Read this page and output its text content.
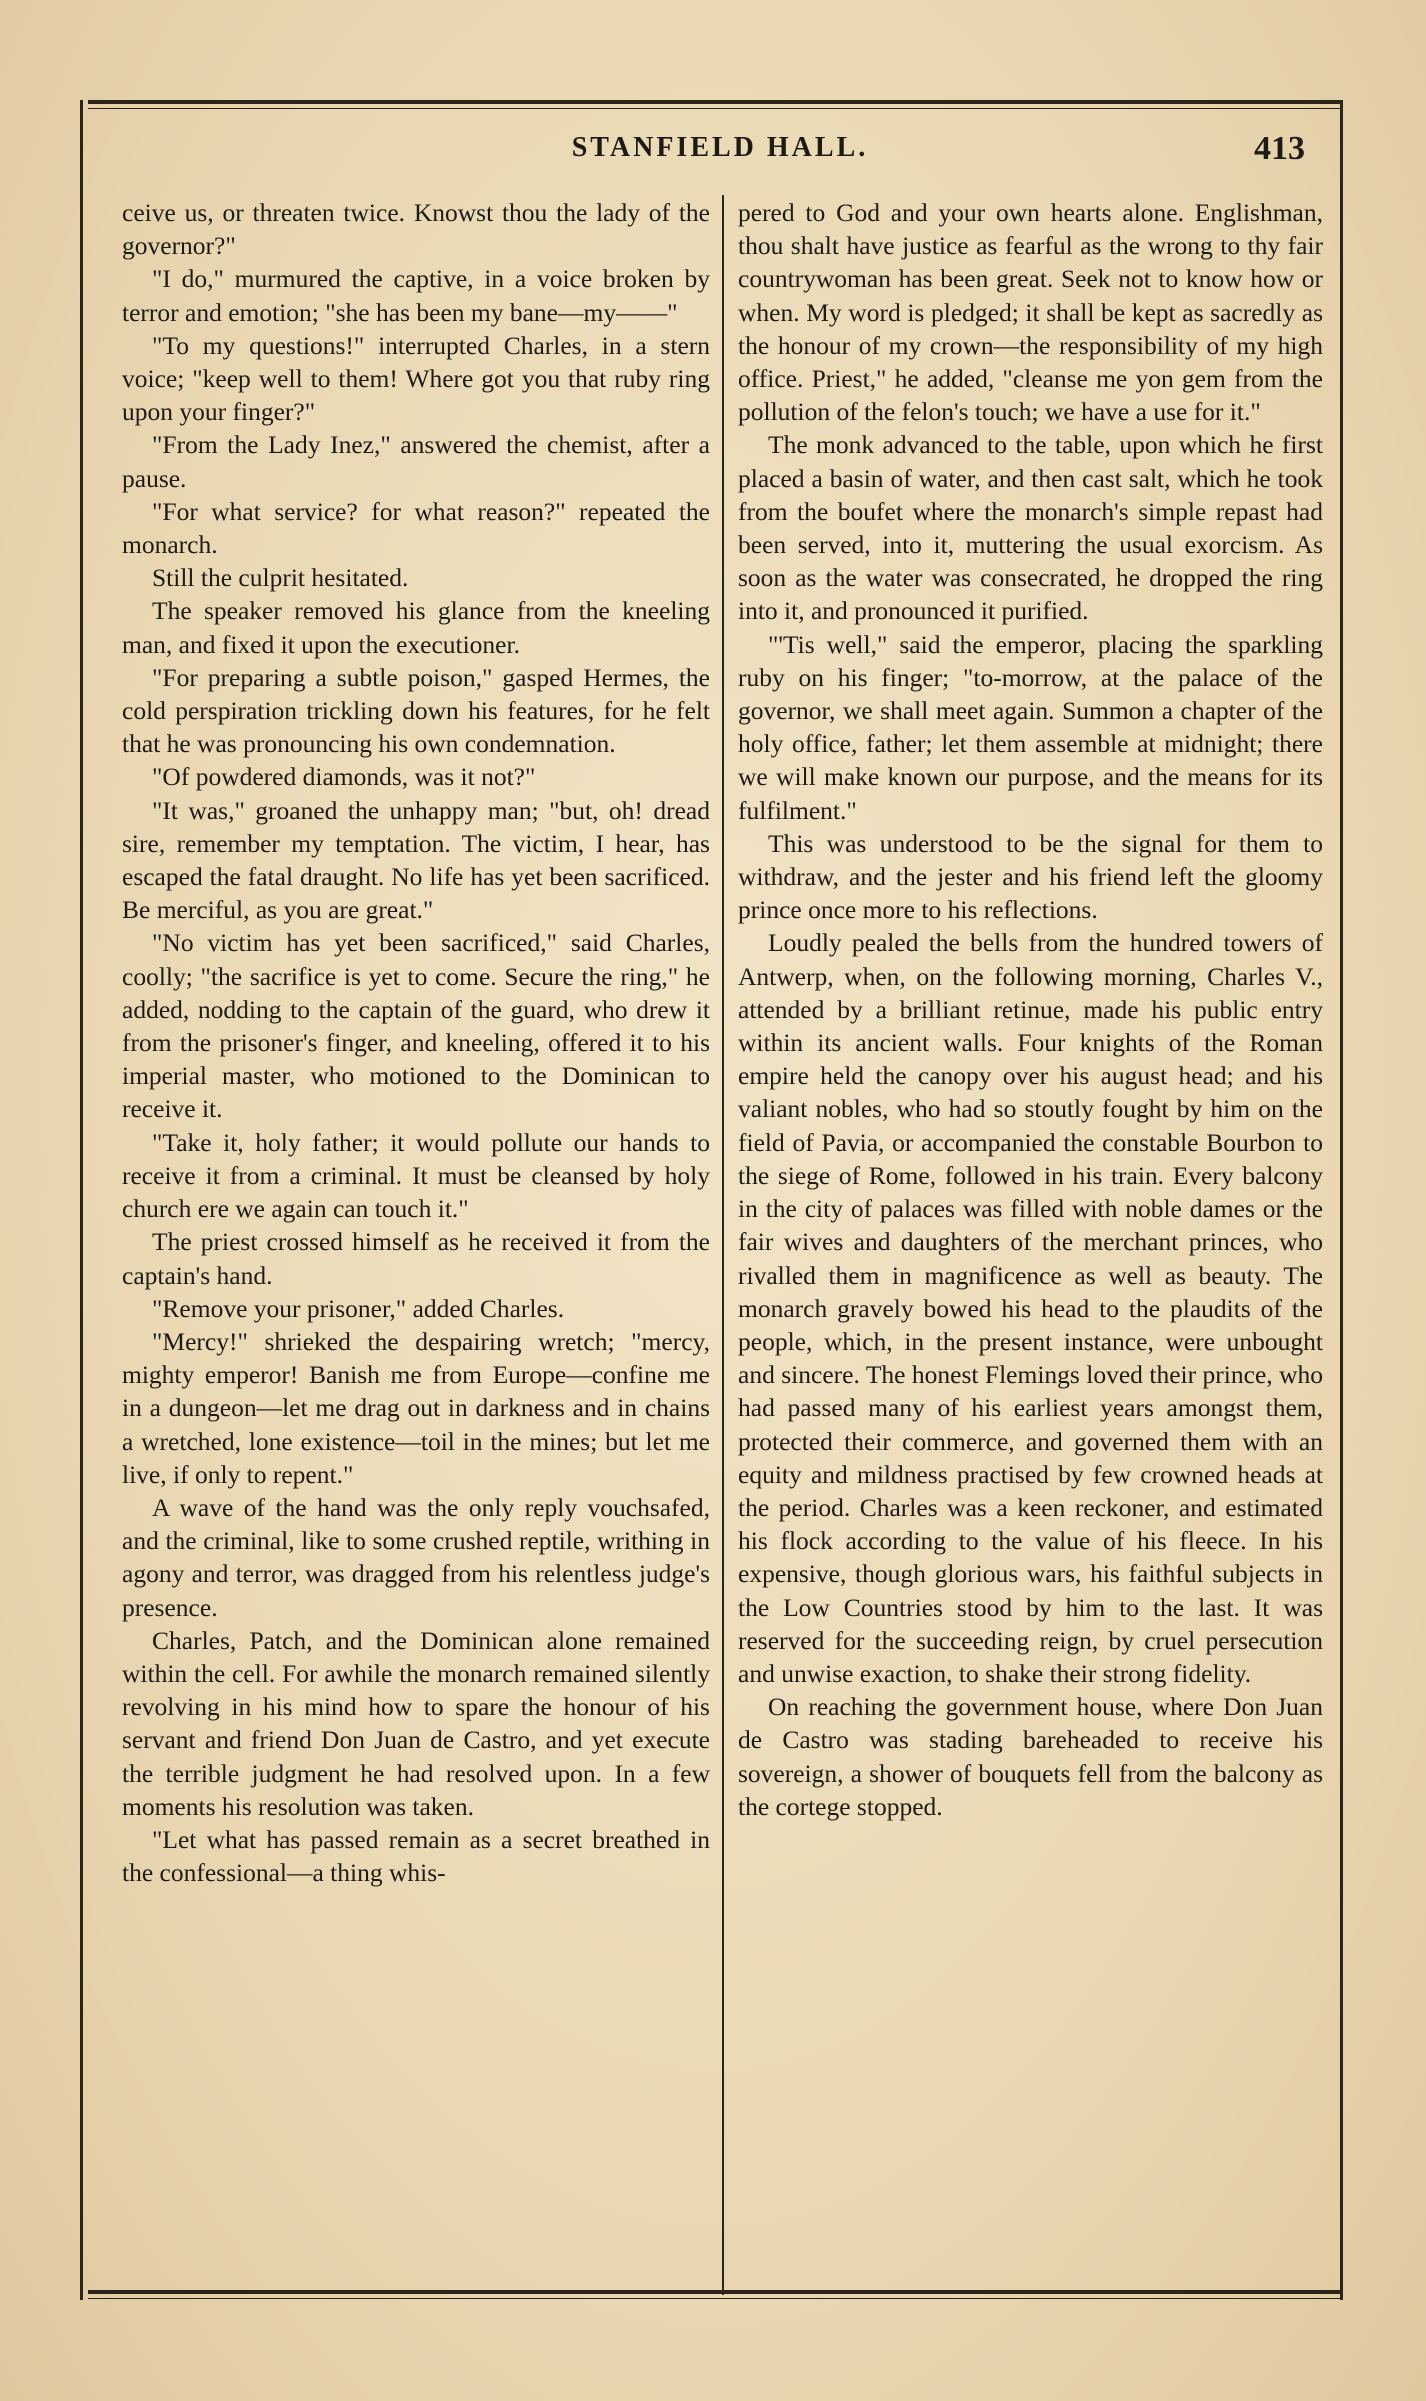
STANFIELD HALL.	413

ceive us, or threaten twice. Knowst thou the lady of the governor?"

"I do," murmured the captive, in a voice broken by terror and emotion; "she has been my bane—my——"

"To my questions!" interrupted Charles, in a stern voice; "keep well to them! Where got you that ruby ring upon your finger?"

"From the Lady Inez," answered the chemist, after a pause.

"For what service? for what reason?" repeated the monarch.

Still the culprit hesitated.

The speaker removed his glance from the kneeling man, and fixed it upon the executioner.

"For preparing a subtle poison," gasped Hermes, the cold perspiration trickling down his features, for he felt that he was pronouncing his own condemnation.

"Of powdered diamonds, was it not?"

"It was," groaned the unhappy man; "but, oh! dread sire, remember my temptation. The victim, I hear, has escaped the fatal draught. No life has yet been sacrificed. Be merciful, as you are great."

"No victim has yet been sacrificed," said Charles, coolly; "the sacrifice is yet to come. Secure the ring," he added, nodding to the captain of the guard, who drew it from the prisoner's finger, and kneeling, offered it to his imperial master, who motioned to the Dominican to receive it.

"Take it, holy father; it would pollute our hands to receive it from a criminal. It must be cleansed by holy church ere we again can touch it."

The priest crossed himself as he received it from the captain's hand.

"Remove your prisoner," added Charles.

"Mercy!" shrieked the despairing wretch; "mercy, mighty emperor! Banish me from Europe—confine me in a dungeon—let me drag out in darkness and in chains a wretched, lone existence—toil in the mines; but let me live, if only to repent."

A wave of the hand was the only reply vouchsafed, and the criminal, like to some crushed reptile, writhing in agony and terror, was dragged from his relentless judge's presence.

Charles, Patch, and the Dominican alone remained within the cell. For awhile the monarch remained silently revolving in his mind how to spare the honour of his servant and friend Don Juan de Castro, and yet execute the terrible judgment he had resolved upon. In a few moments his resolution was taken.

"Let what has passed remain as a secret breathed in the confessional—a thing whis-

pered to God and your own hearts alone. Englishman, thou shalt have justice as fearful as the wrong to thy fair countrywoman has been great. Seek not to know how or when. My word is pledged; it shall be kept as sacredly as the honour of my crown—the responsibility of my high office. Priest," he added, "cleanse me yon gem from the pollution of the felon's touch; we have a use for it."

The monk advanced to the table, upon which he first placed a basin of water, and then cast salt, which he took from the boufet where the monarch's simple repast had been served, into it, muttering the usual exorcism. As soon as the water was consecrated, he dropped the ring into it, and pronounced it purified.

"'Tis well," said the emperor, placing the sparkling ruby on his finger; "to-morrow, at the palace of the governor, we shall meet again. Summon a chapter of the holy office, father; let them assemble at midnight; there we will make known our purpose, and the means for its fulfilment."

This was understood to be the signal for them to withdraw, and the jester and his friend left the gloomy prince once more to his reflections.

Loudly pealed the bells from the hundred towers of Antwerp, when, on the following morning, Charles V., attended by a brilliant retinue, made his public entry within its ancient walls. Four knights of the Roman empire held the canopy over his august head; and his valiant nobles, who had so stoutly fought by him on the field of Pavia, or accompanied the constable Bourbon to the siege of Rome, followed in his train. Every balcony in the city of palaces was filled with noble dames or the fair wives and daughters of the merchant princes, who rivalled them in magnificence as well as beauty. The monarch gravely bowed his head to the plaudits of the people, which, in the present instance, were unbought and sincere. The honest Flemings loved their prince, who had passed many of his earliest years amongst them, protected their commerce, and governed them with an equity and mildness practised by few crowned heads at the period. Charles was a keen reckoner, and estimated his flock according to the value of his fleece. In his expensive, though glorious wars, his faithful subjects in the Low Countries stood by him to the last. It was reserved for the succeeding reign, by cruel persecution and unwise exaction, to shake their strong fidelity.

On reaching the government house, where Don Juan de Castro was stading bareheaded to receive his sovereign, a shower of bouquets fell from the balcony as the cortege stopped.
